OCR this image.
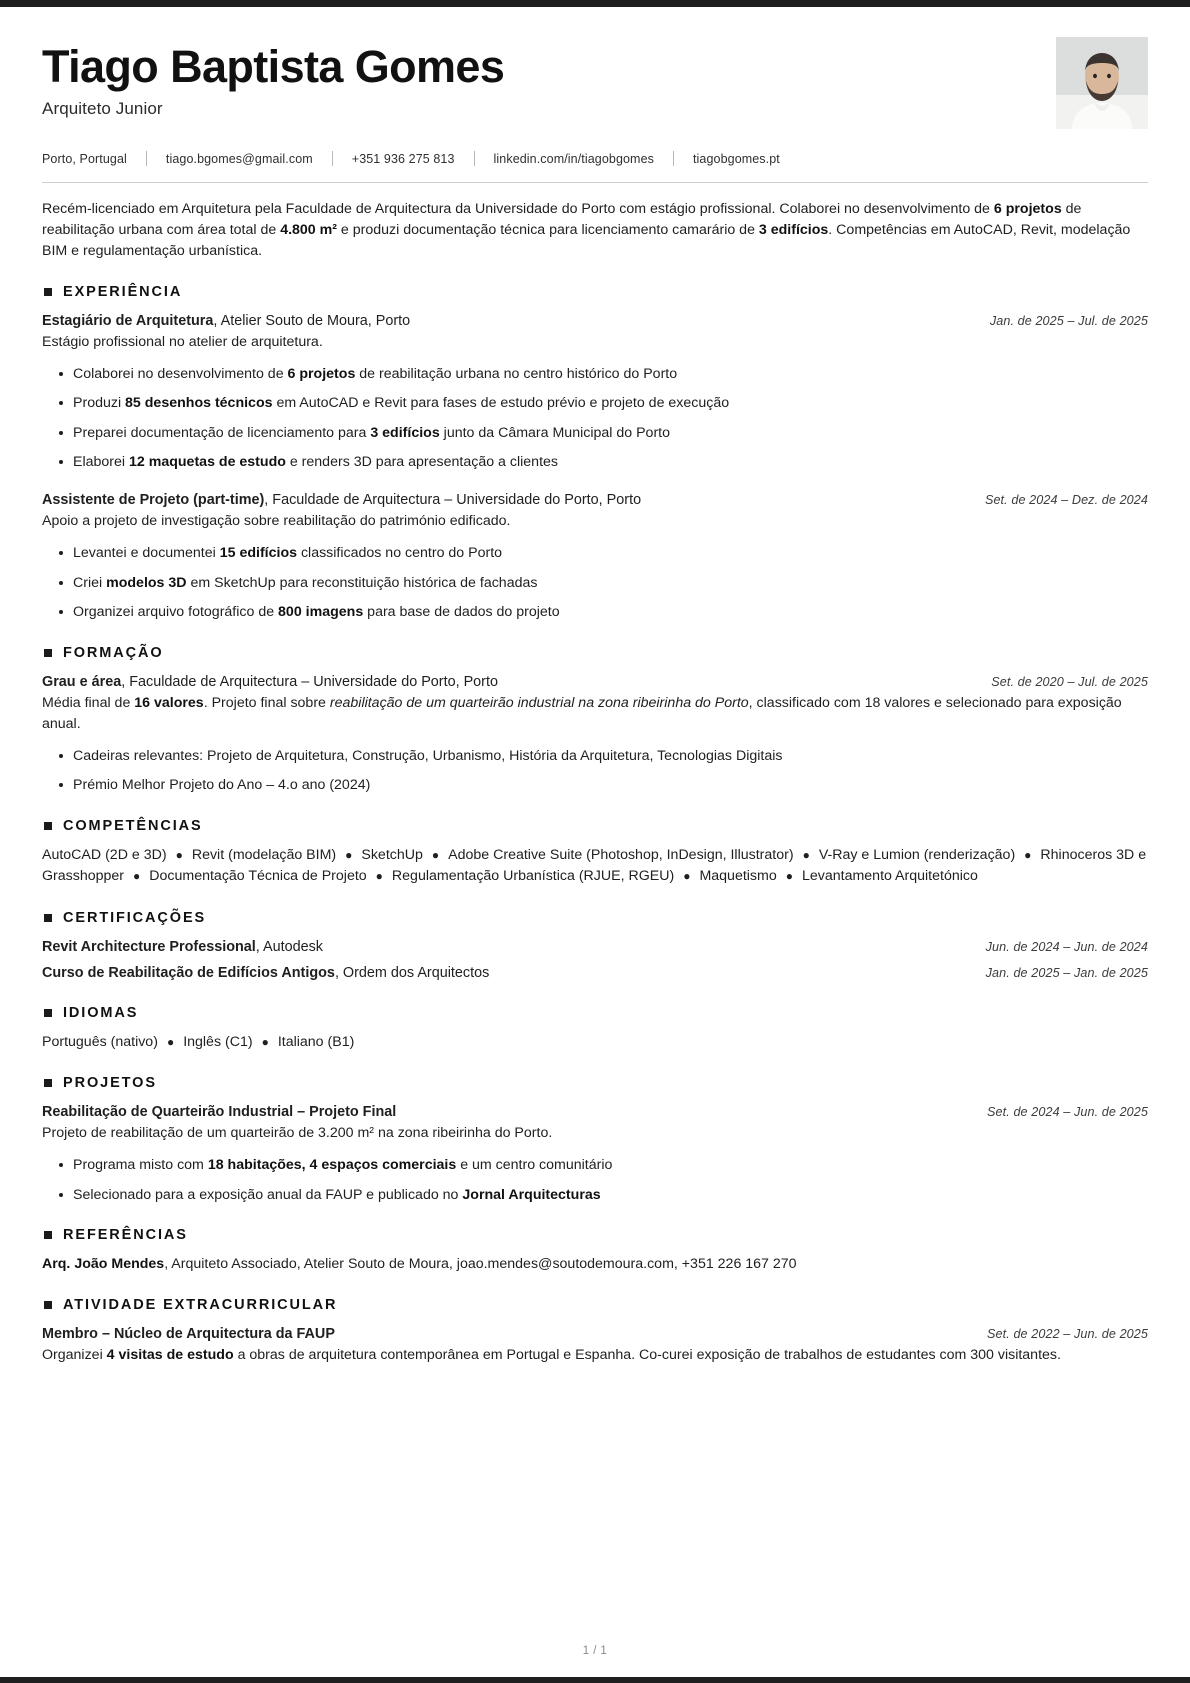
Tiago Baptista Gomes
Arquiteto Junior
Porto, Portugal	tiago.bgomes@gmail.com	+351 936 275 813	linkedin.com/in/tiagobgomes	tiagobgomes.pt
Recém-licenciado em Arquitetura pela Faculdade de Arquitectura da Universidade do Porto com estágio profissional. Colaborei no desenvolvimento de 6 projetos de reabilitação urbana com área total de 4.800 m² e produzi documentação técnica para licenciamento camarário de 3 edifícios. Competências em AutoCAD, Revit, modelação BIM e regulamentação urbanística.
EXPERIÊNCIA
Estagiário de Arquitetura, Atelier Souto de Moura, Porto	Jan. de 2025 – Jul. de 2025
Estágio profissional no atelier de arquitetura.
Colaborei no desenvolvimento de 6 projetos de reabilitação urbana no centro histórico do Porto
Produzi 85 desenhos técnicos em AutoCAD e Revit para fases de estudo prévio e projeto de execução
Preparei documentação de licenciamento para 3 edifícios junto da Câmara Municipal do Porto
Elaborei 12 maquetas de estudo e renders 3D para apresentação a clientes
Assistente de Projeto (part-time), Faculdade de Arquitectura – Universidade do Porto, Porto	Set. de 2024 – Dez. de 2024
Apoio a projeto de investigação sobre reabilitação do património edificado.
Levantei e documentei 15 edifícios classificados no centro do Porto
Criei modelos 3D em SketchUp para reconstituição histórica de fachadas
Organizei arquivo fotográfico de 800 imagens para base de dados do projeto
FORMAÇÃO
Grau e área, Faculdade de Arquitectura – Universidade do Porto, Porto	Set. de 2020 – Jul. de 2025
Média final de 16 valores. Projeto final sobre reabilitação de um quarteirão industrial na zona ribeirinha do Porto, classificado com 18 valores e selecionado para exposição anual.
Cadeiras relevantes: Projeto de Arquitetura, Construção, Urbanismo, História da Arquitetura, Tecnologias Digitais
Prémio Melhor Projeto do Ano – 4.o ano (2024)
COMPETÊNCIAS
AutoCAD (2D e 3D) ● Revit (modelação BIM) ● SketchUp ● Adobe Creative Suite (Photoshop, InDesign, Illustrator) ● V-Ray e Lumion (renderização) ● Rhinoceros 3D e Grasshopper ● Documentação Técnica de Projeto ● Regulamentação Urbanística (RJUE, RGEU) ● Maquetismo ● Levantamento Arquitetónico
CERTIFICAÇÕES
Revit Architecture Professional, Autodesk	Jun. de 2024 – Jun. de 2024
Curso de Reabilitação de Edifícios Antigos, Ordem dos Arquitectos	Jan. de 2025 – Jan. de 2025
IDIOMAS
Português (nativo) ● Inglês (C1) ● Italiano (B1)
PROJETOS
Reabilitação de Quarteirão Industrial – Projeto Final	Set. de 2024 – Jun. de 2025
Projeto de reabilitação de um quarteirão de 3.200 m² na zona ribeirinha do Porto.
Programa misto com 18 habitações, 4 espaços comerciais e um centro comunitário
Selecionado para a exposição anual da FAUP e publicado no Jornal Arquitecturas
REFERÊNCIAS
Arq. João Mendes, Arquiteto Associado, Atelier Souto de Moura, joao.mendes@soutodemoura.com, +351 226 167 270
ATIVIDADE EXTRACURRICULAR
Membro – Núcleo de Arquitectura da FAUP	Set. de 2022 – Jun. de 2025
Organizei 4 visitas de estudo a obras de arquitetura contemporânea em Portugal e Espanha. Co-curei exposição de trabalhos de estudantes com 300 visitantes.
1 / 1
